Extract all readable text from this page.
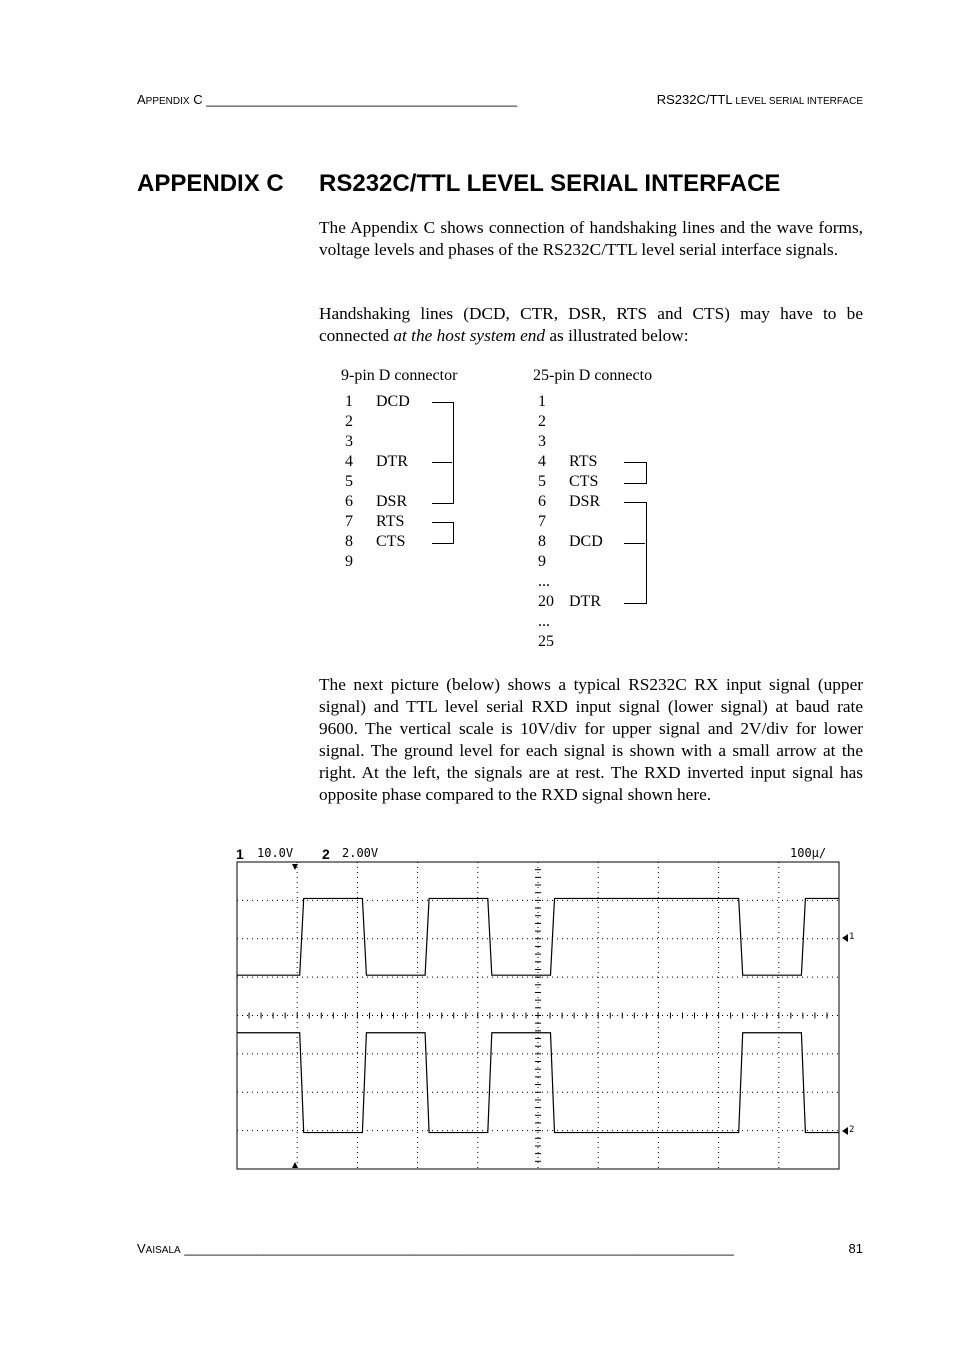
APPENDIX C ___________________________________________	RS232C/TTL LEVEL SERIAL INTERFACE
APPENDIX C RS232C/TTL LEVEL SERIAL INTERFACE
The Appendix C shows connection of handshaking lines and the wave forms, voltage levels and phases of the RS232C/TTL level serial interface signals.
Handshaking lines (DCD, CTR, DSR, RTS and CTS) may have to be connected at the host system end as illustrated below:
9-pin D connector	25-pin D connecto
1 DCD
2
3
4 DTR
5
6 DSR
7 RTS
8 CTS
9
1
2
3
4 RTS
5 CTS
6 DSR
7
8 DCD
9
...
20 DTR
...
25
The next picture (below) shows a typical RS232C RX input signal (upper signal) and TTL level serial RXD input signal (lower signal) at baud rate 9600. The vertical scale is 10V/div for upper signal and 2V/div for lower signal. The ground level for each signal is shown with a small arrow at the right. At the left, the signals are at rest. The RXD inverted input signal has opposite phase compared to the RXD signal shown here.
1 10.0V 2 2.00V	100µ/
1
2
VAISALA ____________________________________________________________________________	81
